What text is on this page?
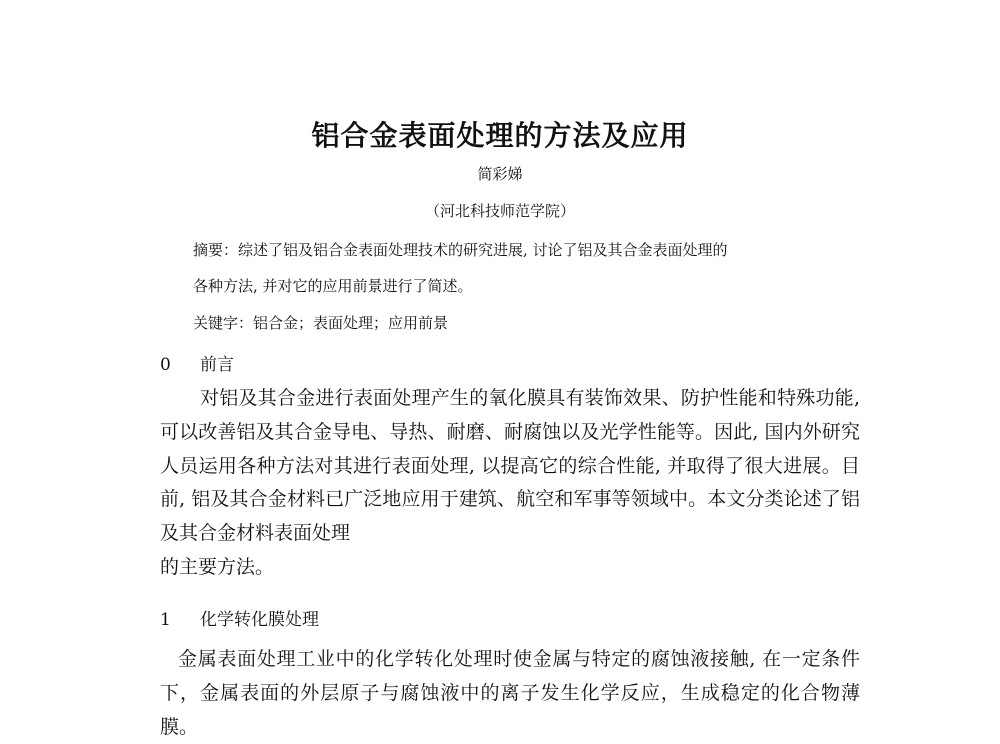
铝合金表面处理的方法及应用
简彩娣
（河北科技师范学院）
摘要：综述了铝及铝合金表面处理技术的研究进展, 讨论了铝及其合金表面处理的
各种方法, 并对它的应用前景进行了简述。
关键字：铝合金；表面处理；应用前景
0 前言

对铝及其合金进行表面处理产生的氧化膜具有装饰效果、防护性能和特殊功能, 可以改善铝及其合金导电、导热、耐磨、耐腐蚀以及光学性能等。因此, 国内外研究人员运用各种方法对其进行表面处理, 以提高它的综合性能, 并取得了很大进展。目前, 铝及其合金材料已广泛地应用于建筑、航空和军事等领域中。本文分类论述了铝及其合金材料表面处理

的主要方法。

1 化学转化膜处理

金属表面处理工业中的化学转化处理时使金属与特定的腐蚀液接触, 在一定条件下，金属表面的外层原子与腐蚀液中的离子发生化学反应，生成稳定的化合物薄膜。
